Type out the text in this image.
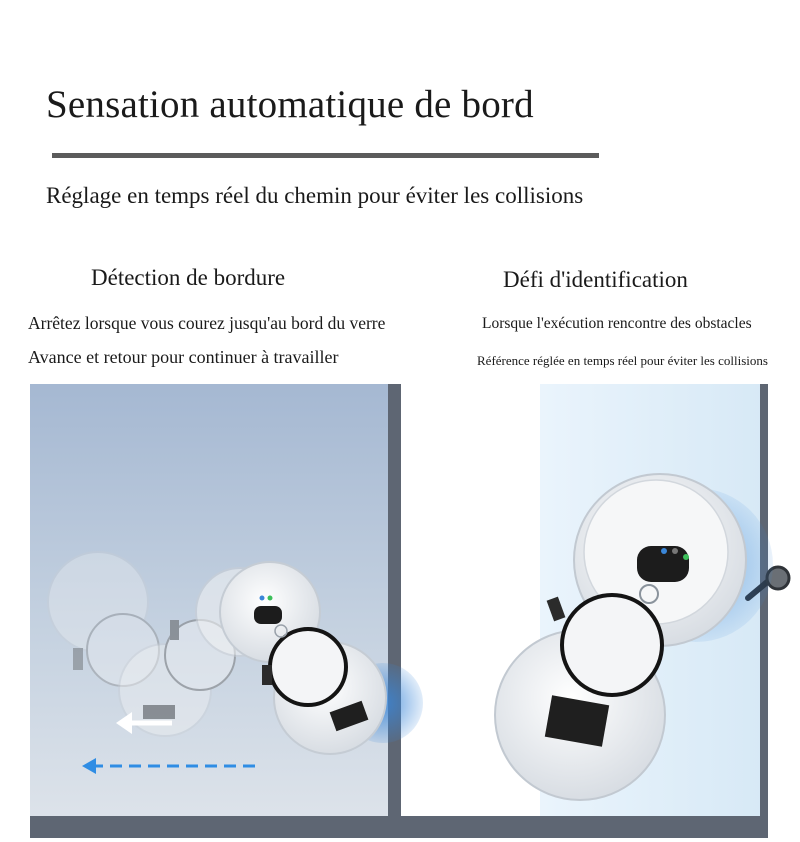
Sensation automatique de bord
Réglage en temps réel du chemin pour éviter les collisions
Détection de bordure
Arrêtez lorsque vous courez jusqu'au bord du verre
Avance et retour pour continuer à travailler
Défi d'identification
Lorsque l'exécution rencontre des obstacles
Référence réglée en temps réel pour éviter les collisions
